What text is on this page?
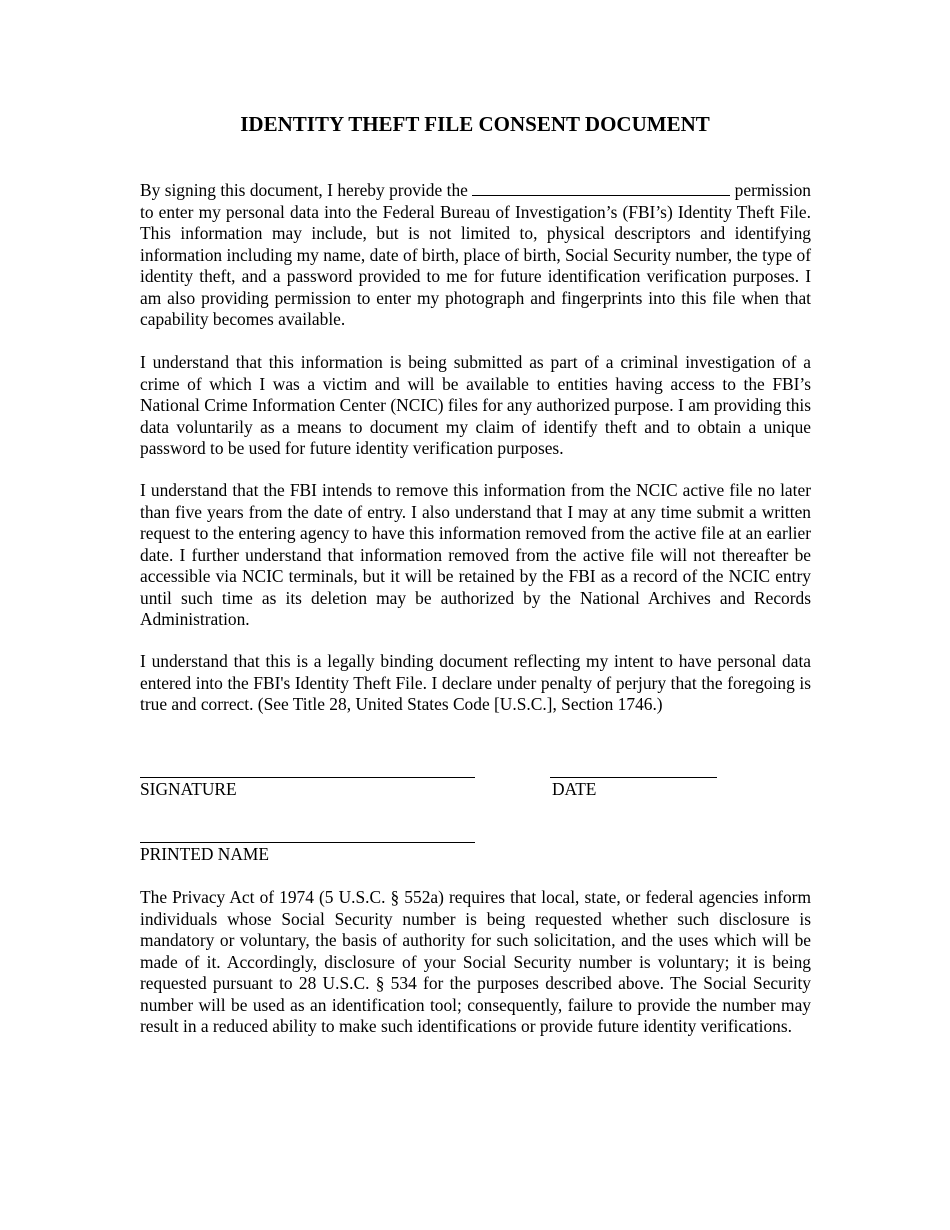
IDENTITY THEFT FILE CONSENT DOCUMENT

By signing this document, I hereby provide the	permission to enter my personal data into the Federal Bureau of Investigation’s (FBI’s) Identity Theft File. This information may include, but is not limited to, physical descriptors and identifying information including my name, date of birth, place of birth, Social Security number, the type of identity theft, and a password provided to me for future identification verification purposes. I am also providing permission to enter my photograph and fingerprints into this file when that capability becomes available.

I understand that this information is being submitted as part of a criminal investigation of a crime of which I was a victim and will be available to entities having access to the FBI’s National Crime Information Center (NCIC) files for any authorized purpose. I am providing this data voluntarily as a means to document my claim of identify theft and to obtain a unique password to be used for future identity verification purposes.

I understand that the FBI intends to remove this information from the NCIC active file no later than five years from the date of entry. I also understand that I may at any time submit a written request to the entering agency to have this information removed from the active file at an earlier date. I further understand that information removed from the active file will not thereafter be accessible via NCIC terminals, but it will be retained by the FBI as a record of the NCIC entry until such time as its deletion may be authorized by the National Archives and Records Administration.

I understand that this is a legally binding document reflecting my intent to have personal data entered into the FBI's Identity Theft File. I declare under penalty of perjury that the foregoing is true and correct. (See Title 28, United States Code [U.S.C.], Section 1746.)

SIGNATURE	DATE
PRINTED NAME

The Privacy Act of 1974 (5 U.S.C. § 552a) requires that local, state, or federal agencies inform individuals whose Social Security number is being requested whether such disclosure is mandatory or voluntary, the basis of authority for such solicitation, and the uses which will be made of it. Accordingly, disclosure of your Social Security number is voluntary; it is being requested pursuant to 28 U.S.C. § 534 for the purposes described above. The Social Security number will be used as an identification tool; consequently, failure to provide the number may result in a reduced ability to make such identifications or provide future identity verifications.
